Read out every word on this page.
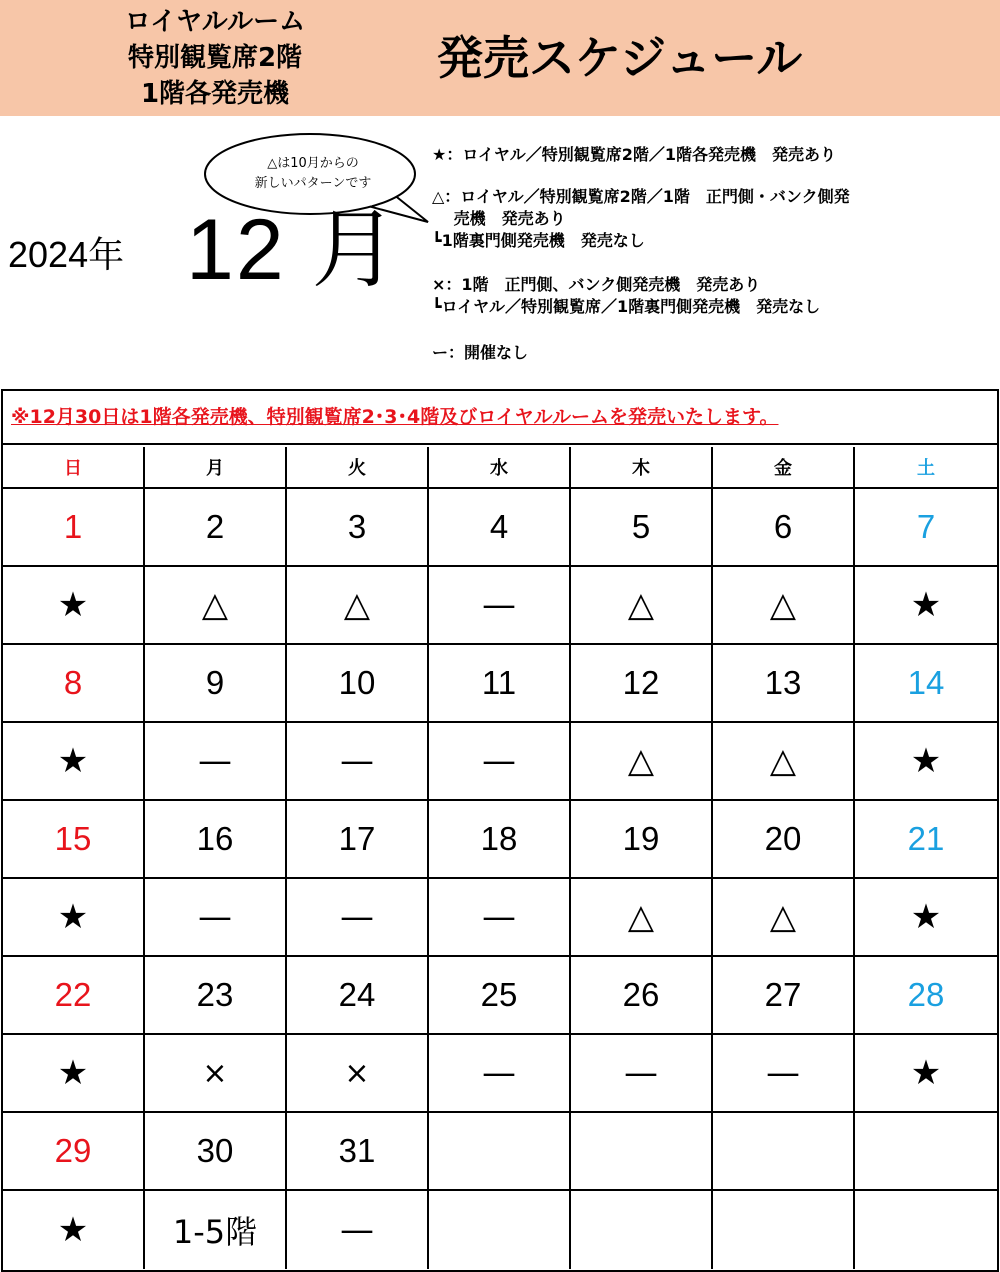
ロイヤルルーム
特別観覧席2階
1階各発売機
発売スケジュール
△は10月からの
新しいパターンです
2024年 12 月
★：ロイヤル／特別観覧席2階／1階各発売機　発売あり
△：ロイヤル／特別観覧席2階／1階　正門側・バンク側発
　 売機　発売あり
┗1階裏門側発売機　発売なし
×：1階　正門側、バンク側発売機　発売あり
┗ロイヤル／特別観覧席／1階裏門側発売機　発売なし
ー：開催なし
※12月30日は1階各発売機、特別観覧席2･3･4階及びロイヤルルームを発売いたします。
日	月	火	水	木	金	土
1	2	3	4	5	6	7
★	△	△	—	△	△	★
8	9	10	11	12	13	14
★	—	—	—	△	△	★
15	16	17	18	19	20	21
★	—	—	—	△	△	★
22	23	24	25	26	27	28
★	×	×	—	—	—	★
29	30	31
★	1-5階	—
